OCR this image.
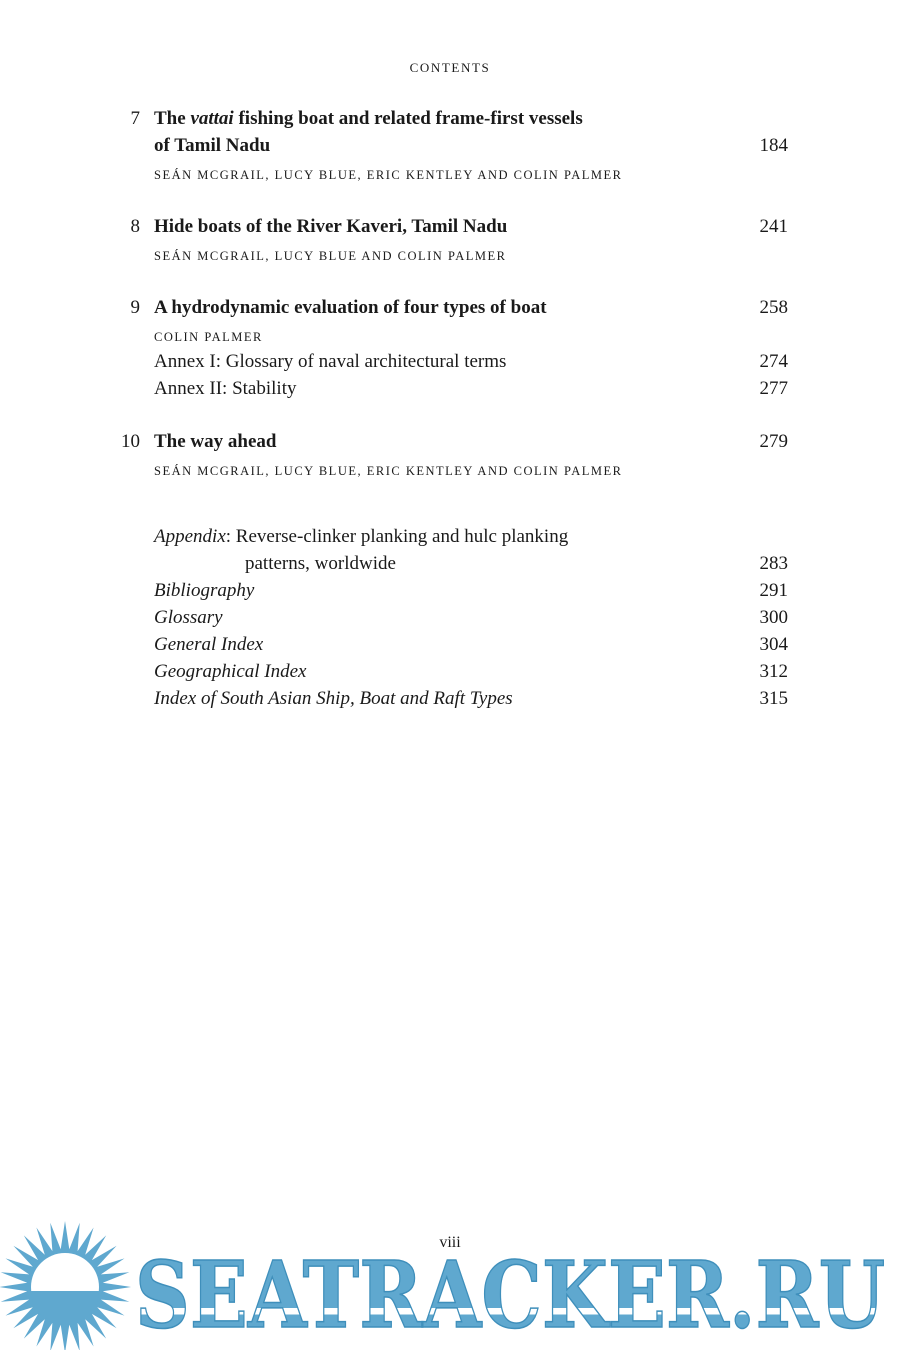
CONTENTS
7 The vattai fishing boat and related frame-first vessels
of Tamil Nadu	184
SEÁN MCGRAIL, LUCY BLUE, ERIC KENTLEY AND COLIN PALMER
8 Hide boats of the River Kaveri, Tamil Nadu	241
SEÁN MCGRAIL, LUCY BLUE AND COLIN PALMER
9 A hydrodynamic evaluation of four types of boat	258
COLIN PALMER
Annex I: Glossary of naval architectural terms	274
Annex II: Stability	277
10 The way ahead	279
SEÁN MCGRAIL, LUCY BLUE, ERIC KENTLEY AND COLIN PALMER
Appendix: Reverse-clinker planking and hulc planking
patterns, worldwide	283
Bibliography	291
Glossary	300
General Index	304
Geographical Index	312
Index of South Asian Ship, Boat and Raft Types	315
viii
SEATRACKER.RU
